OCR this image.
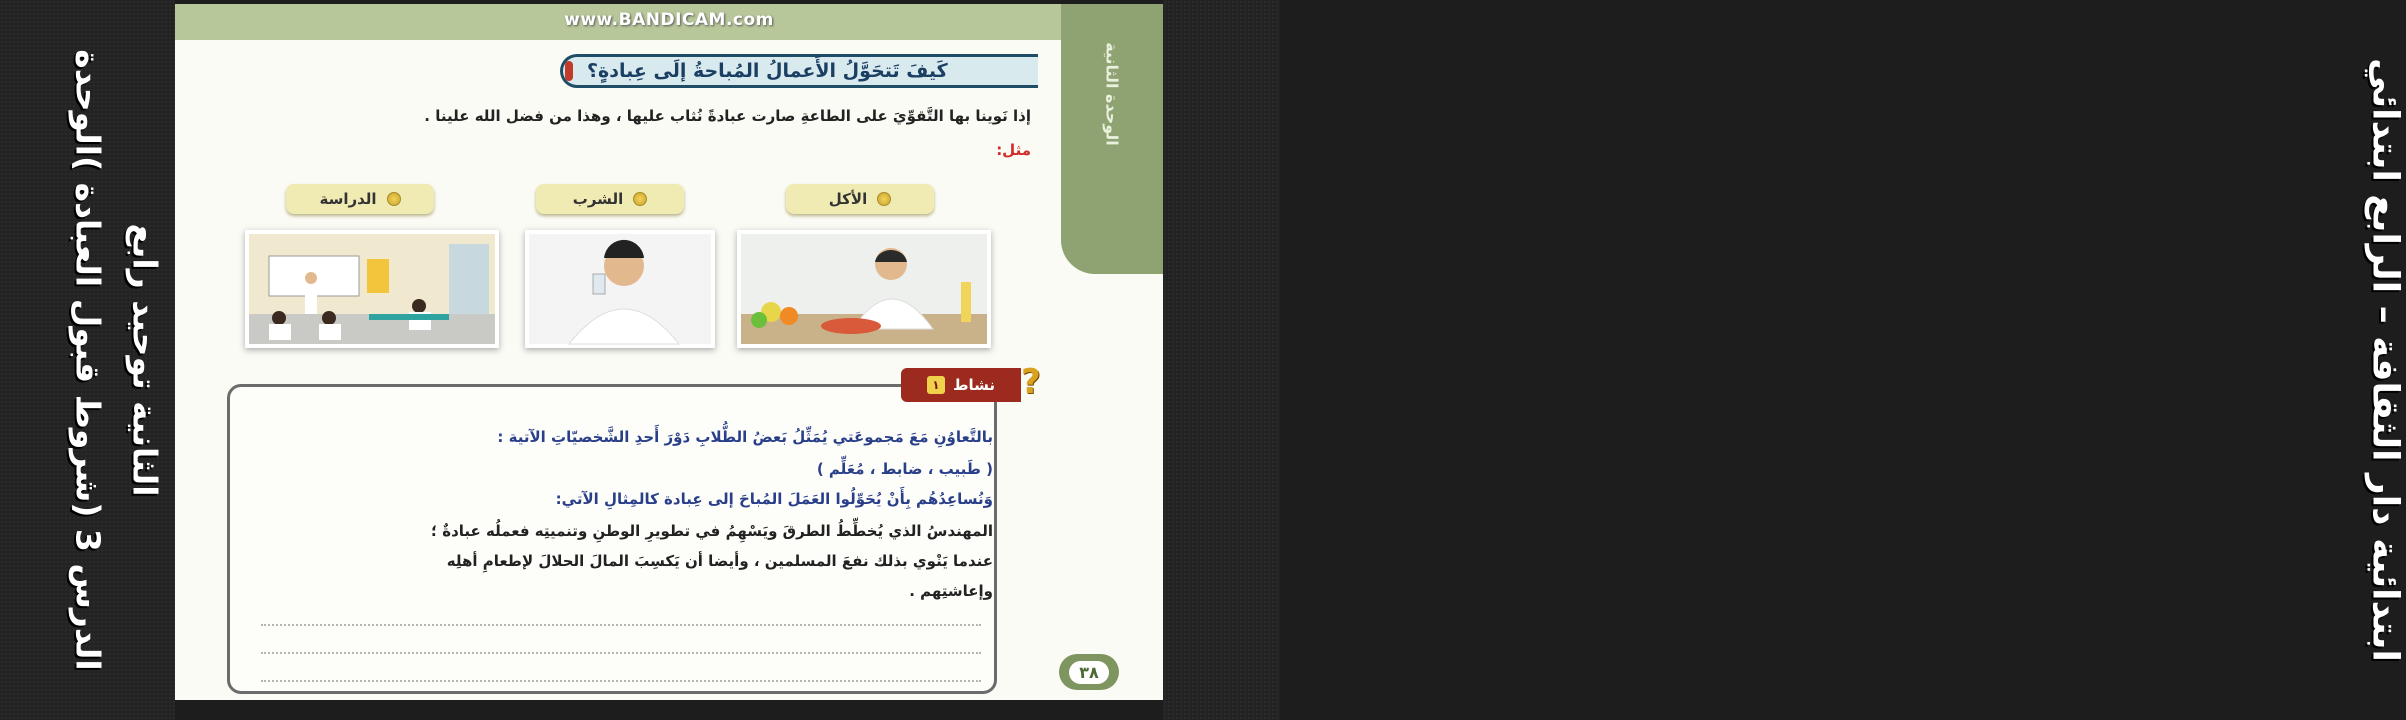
الدرس 3 (شروط قبول العبادة )الوحدة
الثانية توحيد رابع	ابتدائية دار الثقافة – الرابع ابتدائي
www.BANDICAM.com
الوحدة الثانية
كَيفَ تَتحَوَّلُ الأَعمالُ المُباحةُ إلَى عِبادةٍ؟
إذا نَوينا بها التَّقوِّيَ على الطاعةِ صارت عبادةً نُثاب عليها ، وهذا من فضل الله علينا .
مثل:
الأكل
الشرب
الدراسة
نشاط
١ ?
بالتَّعاوُنِ مَعَ مَجموعَتي يُمَثِّلُ بَعضُ الطُّلابِ دَوْرَ أَحدِ الشَّخصيّاتِ الآتية :
( طَبيب ، ضابط ، مُعَلِّم )
وَنُساعِدُهُم بِأَنْ يُحَوِّلُوا العَمَلَ المُباحَ إلى عِبادة كالمِثالِ الآتي:
المهندسُ الذي يُخطِّطُ الطرقَ ويَسْهِمُ في تطويرِ الوطنِ وتنميتِه فعملُه عبادةٌ ؛
عندما يَنْوي بذلك نفعَ المسلمين ، وأيضا أن يَكسِبَ المالَ الحلالَ لإطعامِ أهلِه
وإعاشتِهم .
٣٨
